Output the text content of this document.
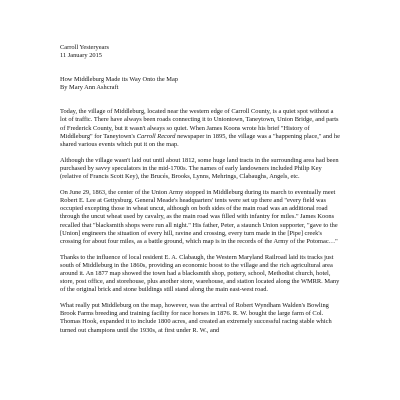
Carroll Yesteryears
11 January 2015
How Middleburg Made its Way Onto the Map
By Mary Ann Ashcraft

Today, the village of Middleburg, located near the western edge of Carroll County, is a quiet spot without a lot of traffic. There have always been roads connecting it to Uniontown, Taneytown, Union Bridge, and parts of Frederick County, but it wasn't always so quiet. When James Koons wrote his brief "History of Middleburg" for Taneytown's Carroll Record newspaper in 1895, the village was a "happening place," and he shared various events which put it on the map.

Although the village wasn't laid out until about 1812, some huge land tracts in the surrounding area had been purchased by savvy speculators in the mid-1700s. The names of early landowners included Philip Key (relative of Francis Scott Key), the Brucés, Brooks, Lynns, Mehrings, Clabaughs, Angels, etc.

On June 29, 1863, the center of the Union Army stopped in Middleburg during its march to eventually meet Robert E. Lee at Gettysburg. General Meade's headquarters' tents were set up there and "every field was occupied excepting those in wheat uncut, although on both sides of the main road was an additional road through the uncut wheat used by cavalry, as the main road was filled with infantry for miles." James Koons recalled that "blacksmith shops were run all night." His father, Peter, a staunch Union supporter, "gave to the [Union] engineers the situation of every hill, ravine and crossing, every turn made in the [Pipe] creek's crossing for about four miles, as a battle ground, which map is in the records of the Army of the Potomac…"

Thanks to the influence of local resident E. A. Clabaugh, the Western Maryland Railroad laid its tracks just south of Middleburg in the 1860s, providing an economic boost to the village and the rich agricultural area around it. An 1877 map showed the town had a blacksmith shop, pottery, school, Methodist church, hotel, store, post office, and storehouse, plus another store, warehouse, and station located along the WMRR. Many of the original brick and stone buildings still stand along the main east-west road.

What really put Middleburg on the map, however, was the arrival of Robert Wyndham Walden's Bowling Brook Farms breeding and training facility for race horses in 1876. R. W. bought the large farm of Col. Thomas Hook, expanded it to include 1800 acres, and created an extremely successful racing stable which turned out champions until the 1930s, at first under R. W., and
